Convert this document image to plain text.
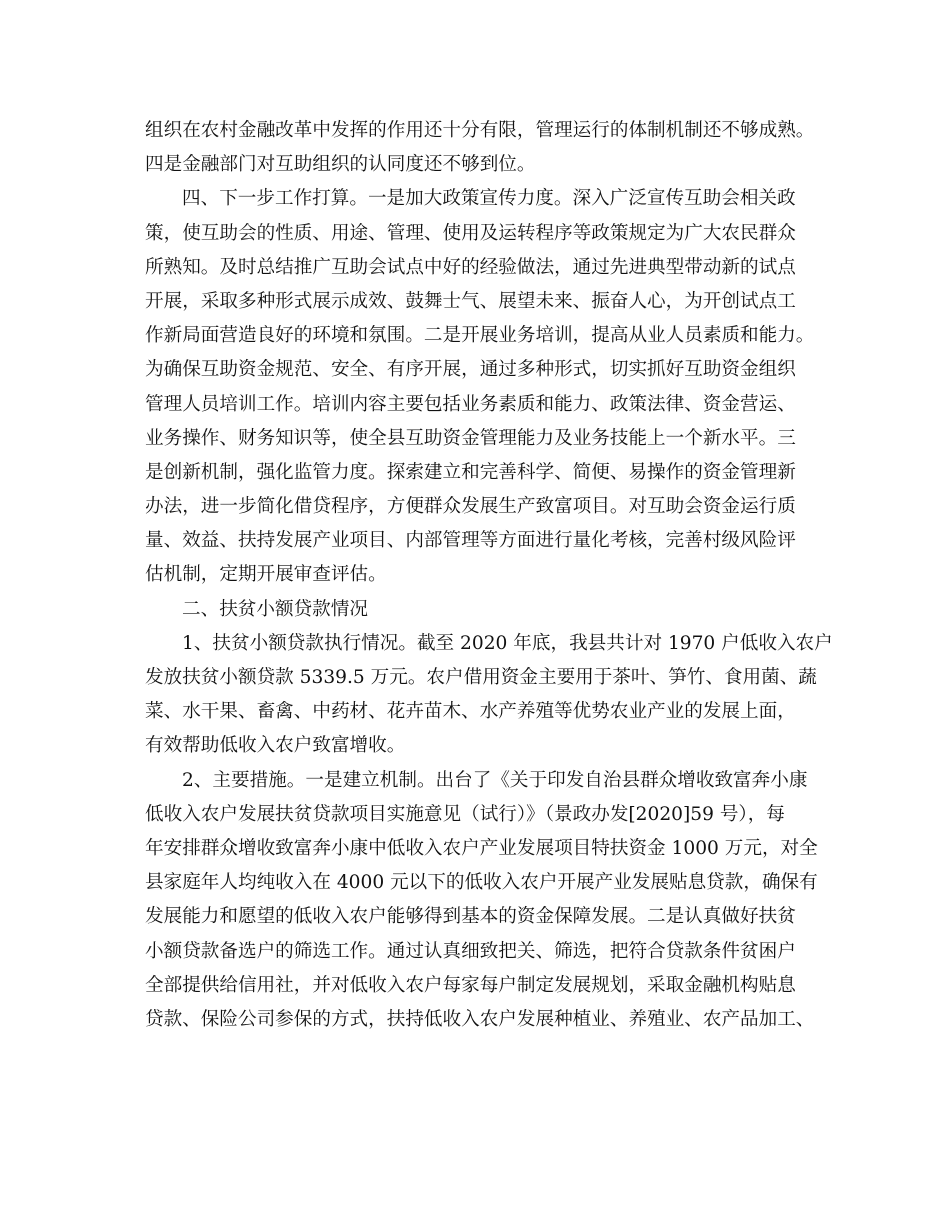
组织在农村金融改革中发挥的作用还十分有限，管理运行的体制机制还不够成熟。
四是金融部门对互助组织的认同度还不够到位。
四、下一步工作打算。一是加大政策宣传力度。深入广泛宣传互助会相关政
策，使互助会的性质、用途、管理、使用及运转程序等政策规定为广大农民群众
所熟知。及时总结推广互助会试点中好的经验做法，通过先进典型带动新的试点
开展，采取多种形式展示成效、鼓舞士气、展望未来、振奋人心，为开创试点工
作新局面营造良好的环境和氛围。二是开展业务培训，提高从业人员素质和能力。
为确保互助资金规范、安全、有序开展，通过多种形式，切实抓好互助资金组织
管理人员培训工作。培训内容主要包括业务素质和能力、政策法律、资金营运、
业务操作、财务知识等，使全县互助资金管理能力及业务技能上一个新水平。三
是创新机制，强化监管力度。探索建立和完善科学、简便、易操作的资金管理新
办法，进一步简化借贷程序，方便群众发展生产致富项目。对互助会资金运行质
量、效益、扶持发展产业项目、内部管理等方面进行量化考核，完善村级风险评
估机制，定期开展审查评估。
二、扶贫小额贷款情况
1、扶贫小额贷款执行情况。截至 2020 年底，我县共计对 1970 户低收入农户
发放扶贫小额贷款 5339.5 万元。农户借用资金主要用于茶叶、笋竹、食用菌、蔬
菜、水干果、畜禽、中药材、花卉苗木、水产养殖等优势农业产业的发展上面，
有效帮助低收入农户致富增收。
2、主要措施。一是建立机制。出台了《关于印发自治县群众增收致富奔小康
低收入农户发展扶贫贷款项目实施意见（试行）》（景政办发[2020]59 号），每
年安排群众增收致富奔小康中低收入农户产业发展项目特扶资金 1000 万元，对全
县家庭年人均纯收入在 4000 元以下的低收入农户开展产业发展贴息贷款，确保有
发展能力和愿望的低收入农户能够得到基本的资金保障发展。二是认真做好扶贫
小额贷款备选户的筛选工作。通过认真细致把关、筛选，把符合贷款条件贫困户
全部提供给信用社，并对低收入农户每家每户制定发展规划，采取金融机构贴息
贷款、保险公司参保的方式，扶持低收入农户发展种植业、养殖业、农产品加工、
